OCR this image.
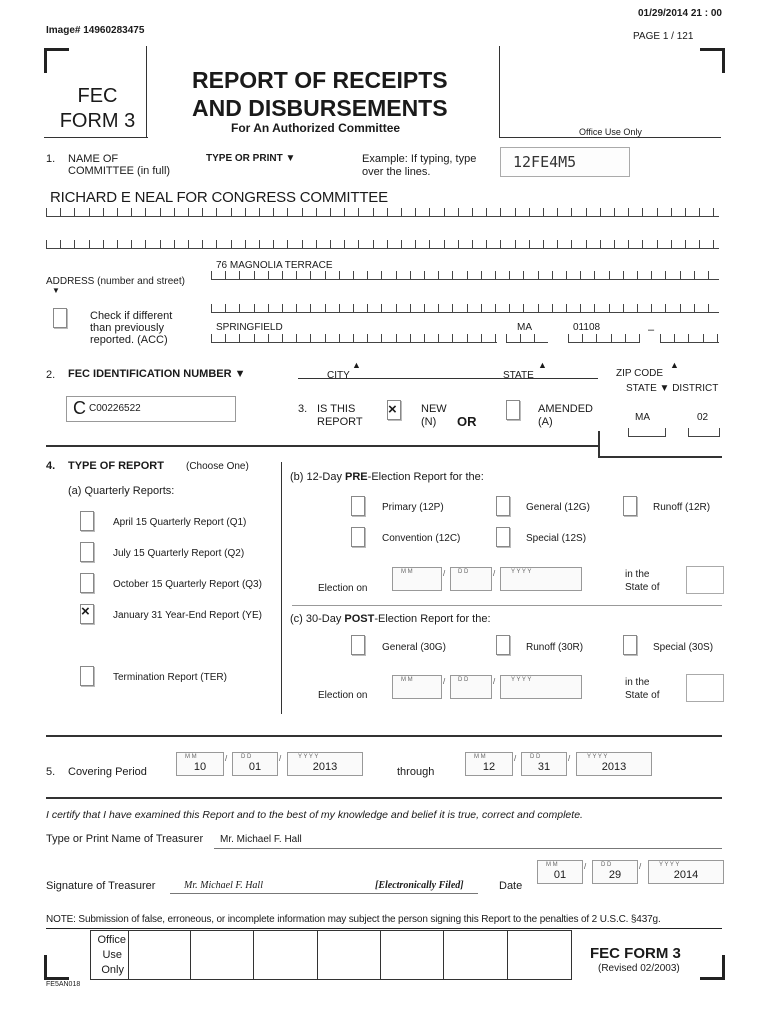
01/29/2014 21 : 00
Image# 14960283475
PAGE 1 / 121
FEC
FORM 3
REPORT OF RECEIPTS
AND DISBURSEMENTS
For An Authorized Committee	Office Use Only
1. NAME OF
COMMITTEE (in full)
TYPE OR PRINT ▼	Example: If typing, type
over the lines.
12FE4M5
RICHARD E NEAL FOR CONGRESS COMMITTEE
76 MAGNOLIA TERRACE
ADDRESS (number and street)
▼
Check if different
than previously
reported. (ACC)
SPRINGFIELD	MA	01108	–
2. FEC IDENTIFICATION NUMBER ▼	CITY
▲
STATE
▲
ZIP CODE
▲
STATE ▼ DISTRICT
C C00226522	3. IS THIS
REPORT
× NEW
(N) OR
AMENDED
(A)	MA	02
4. TYPE OF REPORT (Choose One)
(a) Quarterly Reports:
April 15 Quarterly Report (Q1)
July 15 Quarterly Report (Q2)
October 15 Quarterly Report (Q3)
× January 31 Year-End Report (YE)
Termination Report (TER)
(b) 12-Day PRE-Election Report for the:
Primary (12P)	General (12G)	Runoff (12R)
Convention (12C)	Special (12S)
Election on
M M	/ D D	/	Y Y Y Y	in the
State of
(c) 30-Day POST-Election Report for the:
General (30G)	Runoff (30R)	Special (30S)
Election on
M M	/ D D	/	Y Y Y Y	in the
State of
5. Covering Period
M M
10
/ D D
01
/	Y Y Y Y
2013	through
M M
12
/ D D
31
/	Y Y Y Y
2013
I certify that I have examined this Report and to the best of my knowledge and belief it is true, correct and complete.
Type or Print Name of Treasurer Mr. Michael F. Hall
Signature of Treasurer	Mr. Michael F. Hall	[Electronically Filed]	Date
M M
01
/ D D
29
/	Y Y Y Y
2014
NOTE: Submission of false, erroneous, or incomplete information may subject the person signing this Report to the penalties of 2 U.S.C. §437g.
Office
Use
Only
FEC FORM 3
(Revised 02/2003)
FE5AN018
